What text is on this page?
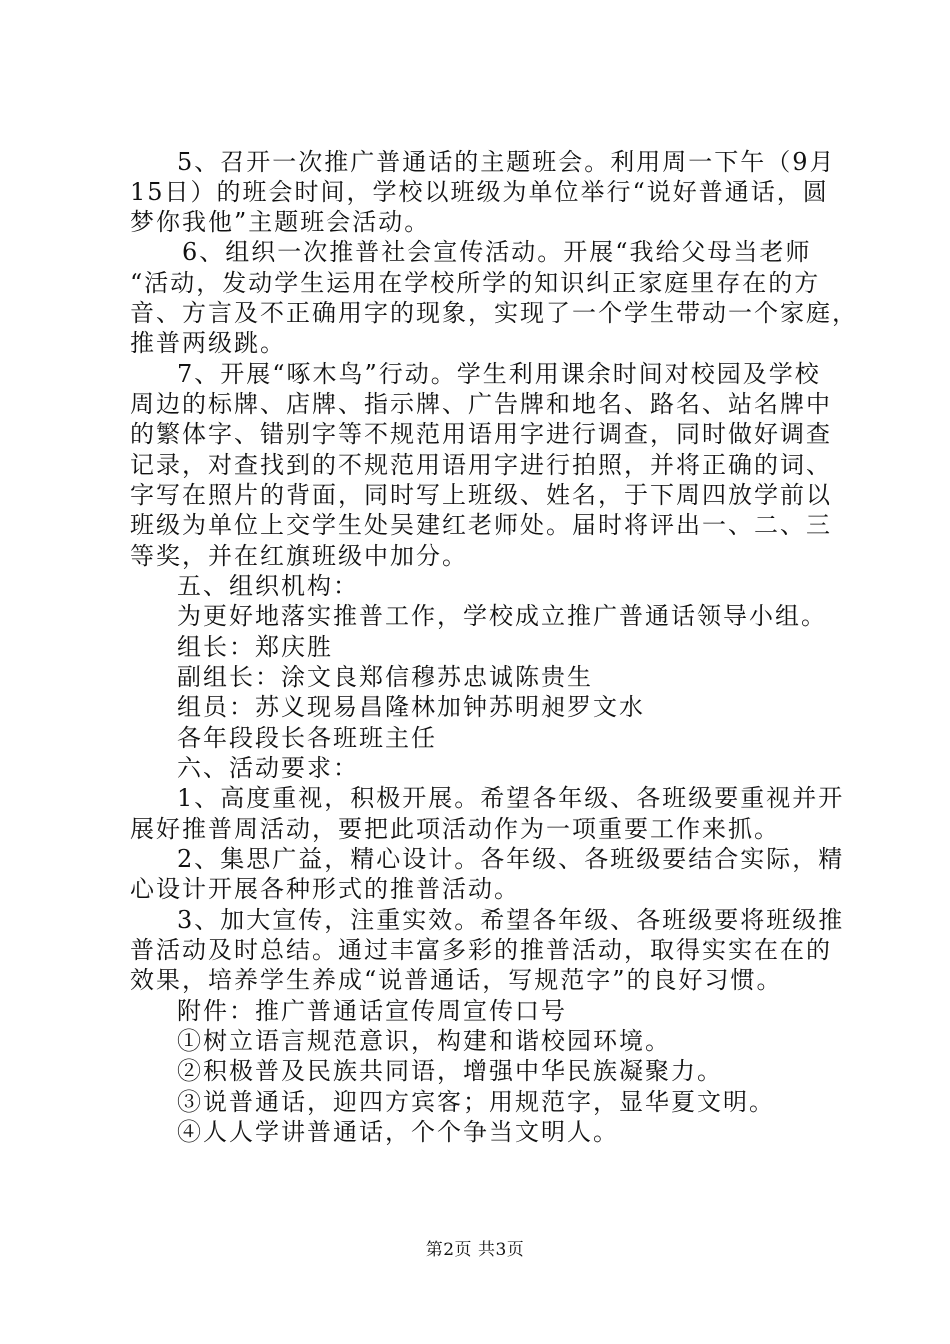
5、召开一次推广普通话的主题班会。利用周一下午（9月
15日）的班会时间，学校以班级为单位举行“说好普通话，圆
梦你我他”主题班会活动。
6、组织一次推普社会宣传活动。开展“我给父母当老师
“活动，发动学生运用在学校所学的知识纠正家庭里存在的方
音、方言及不正确用字的现象，实现了一个学生带动一个家庭，
推普两级跳。
7、开展“啄木鸟”行动。学生利用课余时间对校园及学校
周边的标牌、店牌、指示牌、广告牌和地名、路名、站名牌中
的繁体字、错别字等不规范用语用字进行调查，同时做好调查
记录，对查找到的不规范用语用字进行拍照，并将正确的词、
字写在照片的背面，同时写上班级、姓名，于下周四放学前以
班级为单位上交学生处吴建红老师处。届时将评出一、二、三
等奖，并在红旗班级中加分。
五、组织机构：
为更好地落实推普工作，学校成立推广普通话领导小组。
组长：郑庆胜
副组长：涂文良郑信穆苏忠诚陈贵生
组员：苏义现易昌隆林加钟苏明昶罗文水
各年段段长各班班主任
六、活动要求：
1、高度重视，积极开展。希望各年级、各班级要重视并开
展好推普周活动，要把此项活动作为一项重要工作来抓。
2、集思广益，精心设计。各年级、各班级要结合实际，精
心设计开展各种形式的推普活动。
3、加大宣传，注重实效。希望各年级、各班级要将班级推
普活动及时总结。通过丰富多彩的推普活动，取得实实在在的
效果，培养学生养成“说普通话，写规范字”的良好习惯。
附件：推广普通话宣传周宣传口号
①树立语言规范意识，构建和谐校园环境。
②积极普及民族共同语，增强中华民族凝聚力。
③说普通话，迎四方宾客；用规范字，显华夏文明。
④人人学讲普通话，个个争当文明人。
第2页 共3页
